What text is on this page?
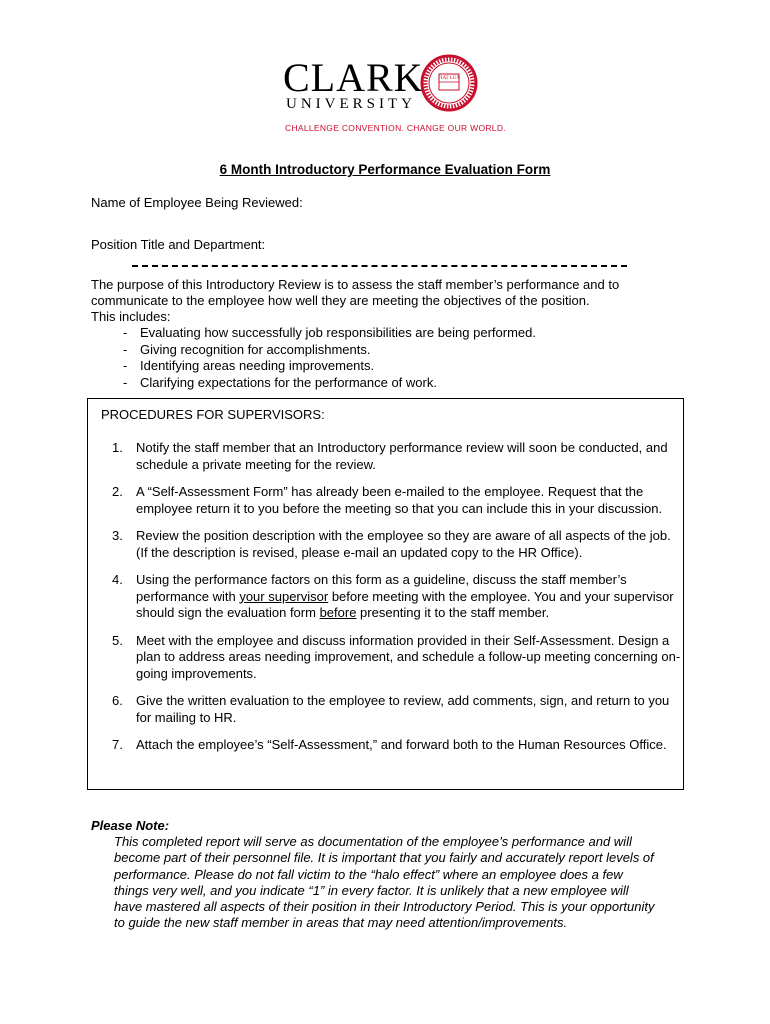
CLARK
UNIVERSITY
FIAT LUX
CHALLENGE CONVENTION. CHANGE OUR WORLD.
6 Month Introductory Performance Evaluation Form
Name of Employee Being Reviewed:
Position Title and Department:
The purpose of this Introductory Review is to assess the staff member’s performance and to
communicate to the employee how well they are meeting the objectives of the position.
This includes:
- Evaluating how successfully job responsibilities are being performed.
- Giving recognition for accomplishments.
- Identifying areas needing improvements.
- Clarifying expectations for the performance of work.
PROCEDURES FOR SUPERVISORS:
1. Notify the staff member that an Introductory performance review will soon be conducted, and schedule a private meeting for the review.
2. A “Self-Assessment Form” has already been e-mailed to the employee. Request that the employee return it to you before the meeting so that you can include this in your discussion.
3. Review the position description with the employee so they are aware of all aspects of the job. (If the description is revised, please e-mail an updated copy to the HR Office).
4. Using the performance factors on this form as a guideline, discuss the staff member’s performance with your supervisor before meeting with the employee. You and your supervisor should sign the evaluation form before presenting it to the staff member.
5. Meet with the employee and discuss information provided in their Self-Assessment. Design a plan to address areas needing improvement, and schedule a follow-up meeting concerning on-going improvements.
6. Give the written evaluation to the employee to review, add comments, sign, and return to you for mailing to HR.
7. Attach the employee’s “Self-Assessment,” and forward both to the Human Resources Office.
Please Note:
This completed report will serve as documentation of the employee’s performance and will become part of their personnel file. It is important that you fairly and accurately report levels of performance. Please do not fall victim to the “halo effect” where an employee does a few things very well, and you indicate “1” in every factor. It is unlikely that a new employee will have mastered all aspects of their position in their Introductory Period. This is your opportunity to guide the new staff member in areas that may need attention/improvements.
